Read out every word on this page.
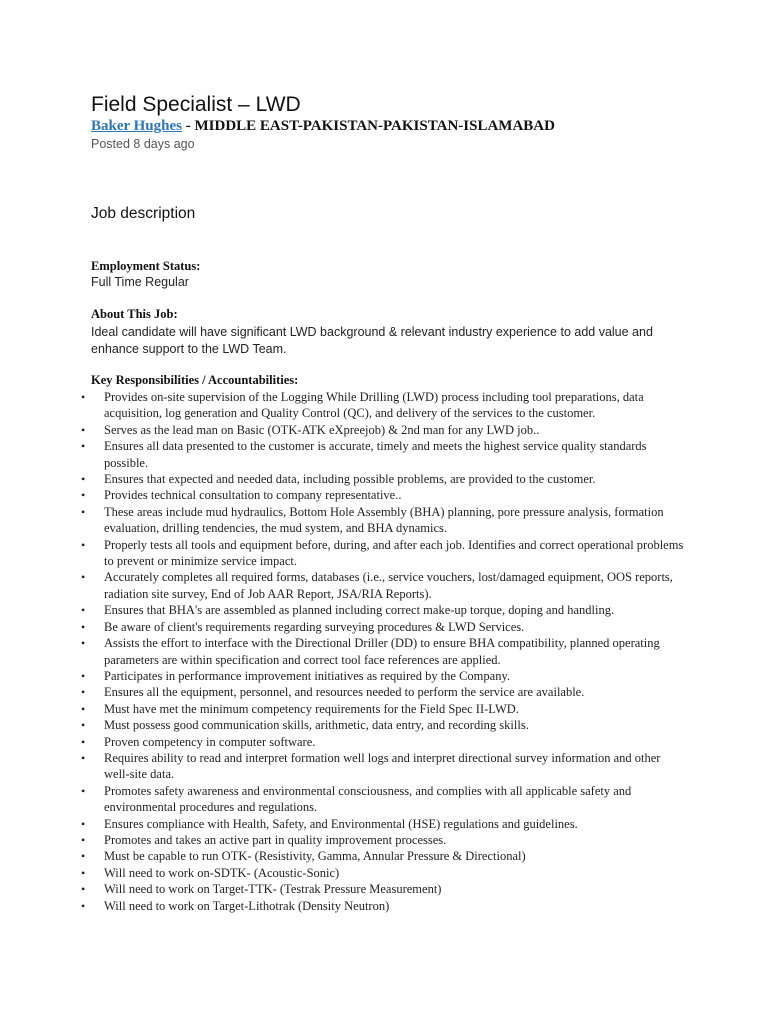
Field Specialist – LWD
Baker Hughes - MIDDLE EAST-PAKISTAN-PAKISTAN-ISLAMABAD
Posted 8 days ago
Job description
Employment Status:
Full Time Regular
About This Job:
Ideal candidate will have significant LWD background & relevant industry experience to add value and enhance support to the LWD Team.
Key Responsibilities / Accountabilities:
• Provides on-site supervision of the Logging While Drilling (LWD) process including tool preparations, data acquisition, log generation and Quality Control (QC), and delivery of the services to the customer.
• Serves as the lead man on Basic (OTK-ATK eXpreejob) & 2nd man for any LWD job..
• Ensures all data presented to the customer is accurate, timely and meets the highest service quality standards possible.
• Ensures that expected and needed data, including possible problems, are provided to the customer.
• Provides technical consultation to company representative..
• These areas include mud hydraulics, Bottom Hole Assembly (BHA) planning, pore pressure analysis, formation evaluation, drilling tendencies, the mud system, and BHA dynamics.
• Properly tests all tools and equipment before, during, and after each job. Identifies and correct operational problems to prevent or minimize service impact.
• Accurately completes all required forms, databases (i.e., service vouchers, lost/damaged equipment, OOS reports, radiation site survey, End of Job AAR Report, JSA/RIA Reports).
• Ensures that BHA's are assembled as planned including correct make-up torque, doping and handling.
• Be aware of client's requirements regarding surveying procedures & LWD Services.
• Assists the effort to interface with the Directional Driller (DD) to ensure BHA compatibility, planned operating parameters are within specification and correct tool face references are applied.
• Participates in performance improvement initiatives as required by the Company.
• Ensures all the equipment, personnel, and resources needed to perform the service are available.
• Must have met the minimum competency requirements for the Field Spec II-LWD.
• Must possess good communication skills, arithmetic, data entry, and recording skills.
• Proven competency in computer software.
• Requires ability to read and interpret formation well logs and interpret directional survey information and other well-site data.
• Promotes safety awareness and environmental consciousness, and complies with all applicable safety and environmental procedures and regulations.
• Ensures compliance with Health, Safety, and Environmental (HSE) regulations and guidelines.
• Promotes and takes an active part in quality improvement processes.
• Must be capable to run OTK- (Resistivity, Gamma, Annular Pressure & Directional)
• Will need to work on-SDTK- (Acoustic-Sonic)
• Will need to work on Target-TTK- (Testrak Pressure Measurement)
• Will need to work on Target-Lithotrak (Density Neutron)
